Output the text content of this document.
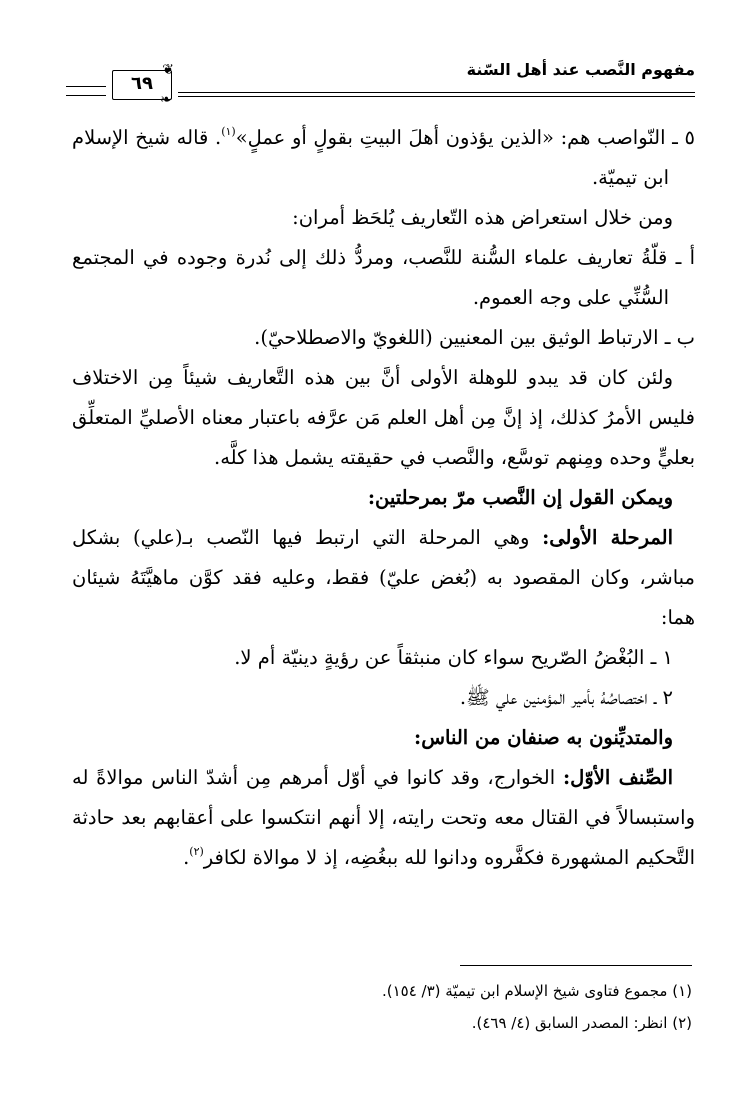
مفهوم النَّصب عند أهل السّنة
❦
❧
٦٩

٥ ـ النّواصب هم: «الذين يؤذون أهلَ البيتِ بقولٍ أو عملٍ»$^{(١)}$. قاله شيخ الإسلام ابن تيميّة.

ومن خلال استعراض هذه التّعاريف يُلحَظ أمران:

أ ـ قلّةُ تعاريف علماء السُّنة للنَّصب، ومردُّ ذلك إلى نُدرة وجوده في المجتمع السُّنِّي على وجه العموم.

ب ـ الارتباط الوثيق بين المعنيين (اللغويّ والاصطلاحيّ).

ولئن كان قد يبدو للوهلة الأولى أنَّ بين هذه التَّعاريف شيئاً مِن الاختلاف فليس الأمرُ كذلك، إذ إنَّ مِن أهل العلم مَن عرَّفه باعتبار معناه الأصليِّ المتعلِّق بعليٍّ وحده ومِنهم توسَّع، والنَّصب في حقيقته يشمل هذا كلَّه.

ويمكن القول إن النَّصب مرّ بمرحلتين:

المرحلة الأولى: وهي المرحلة التي ارتبط فيها النّصب بـ(علي) بشكل مباشر، وكان المقصود به (بُغض عليّ) فقط، وعليه فقد كوَّن ماهيَّتَهُ شيئان هما:

١ ـ البُغْضُ الصّريح سواء كان منبثقاً عن رؤيةٍ دينيّة أم لا.

٢ ـ اختصاصُهُ بأمير المؤمنين علي ﷺ.

والمتديِّنون به صنفان من الناس:

الصِّنف الأوّل: الخوارج، وقد كانوا في أوّل أمرهم مِن أشدّ الناس موالاةً له واستبسالاً في القتال معه وتحت رايته، إلا أنهم انتكسوا على أعقابهم بعد حادثة التَّحكيم المشهورة فكفَّروه ودانوا لله ببغُضِه، إذ لا موالاة لكافر$^{(٢)}$.

(١) مجموع فتاوى شيخ الإسلام ابن تيميّة (٣/ ١٥٤).

(٢) انظر: المصدر السابق (٤/ ٤٦٩).
